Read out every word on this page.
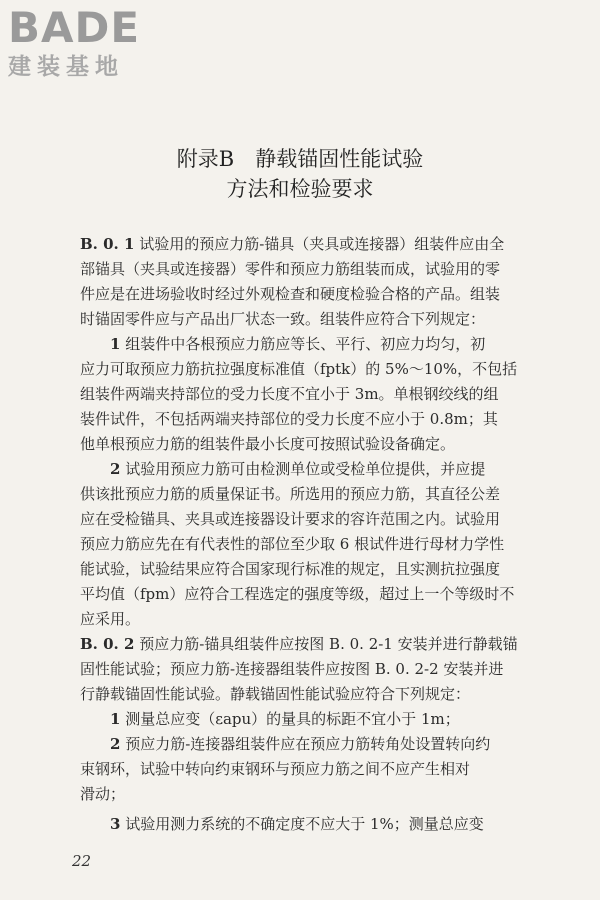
BADE
建装基地
附录B　静载锚固性能试验
方法和检验要求
B. 0. 1 试验用的预应力筋-锚具（夹具或连接器）组装件应由全
部锚具（夹具或连接器）零件和预应力筋组装而成，试验用的零
件应是在进场验收时经过外观检查和硬度检验合格的产品。组装
时锚固零件应与产品出厂状态一致。组装件应符合下列规定：
1 组装件中各根预应力筋应等长、平行、初应力均匀，初
应力可取预应力筋抗拉强度标准值（fptk）的 5%～10%，不包括
组装件两端夹持部位的受力长度不宜小于 3m。单根钢绞线的组
装件试件，不包括两端夹持部位的受力长度不应小于 0.8m；其
他单根预应力筋的组装件最小长度可按照试验设备确定。
2 试验用预应力筋可由检测单位或受检单位提供，并应提
供该批预应力筋的质量保证书。所选用的预应力筋，其直径公差
应在受检锚具、夹具或连接器设计要求的容许范围之内。试验用
预应力筋应先在有代表性的部位至少取 6 根试件进行母材力学性
能试验，试验结果应符合国家现行标准的规定，且实测抗拉强度
平均值（fpm）应符合工程选定的强度等级，超过上一个等级时不
应采用。
B. 0. 2 预应力筋-锚具组装件应按图 B. 0. 2-1 安装并进行静载锚
固性能试验；预应力筋-连接器组装件应按图 B. 0. 2-2 安装并进
行静载锚固性能试验。静载锚固性能试验应符合下列规定：
1 测量总应变（εapu）的量具的标距不宜小于 1m；
2 预应力筋-连接器组装件应在预应力筋转角处设置转向约
束钢环，试验中转向约束钢环与预应力筋之间不应产生相对
滑动；
3 试验用测力系统的不确定度不应大于 1%；测量总应变
22
